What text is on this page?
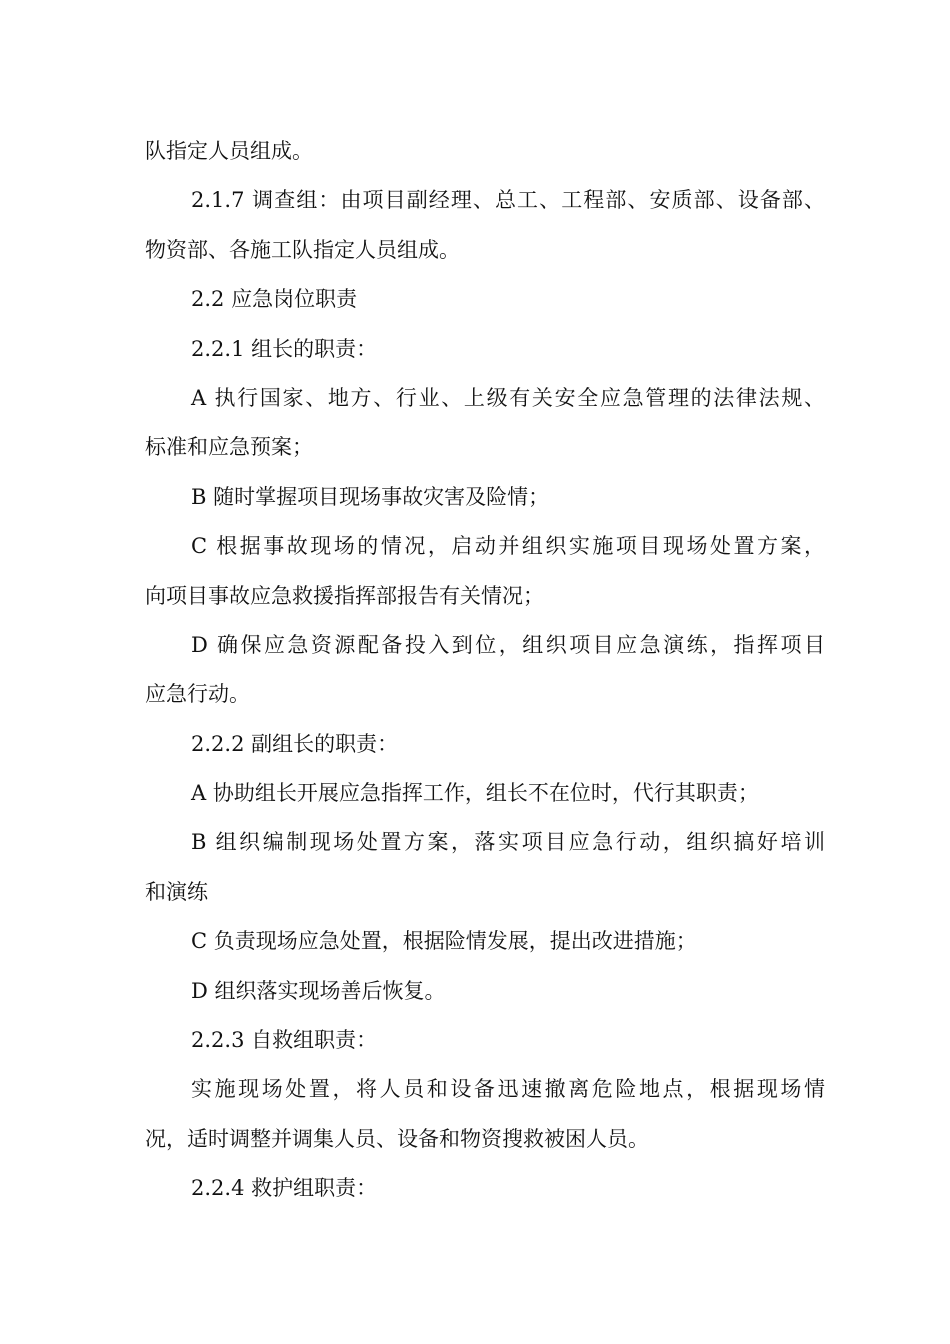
队指定人员组成。
2.1.7 调查组：由项目副经理、总工、工程部、安质部、设备部、
物资部、各施工队指定人员组成。
2.2 应急岗位职责
2.2.1 组长的职责：
A 执行国家、地方、行业、上级有关安全应急管理的法律法规、
标准和应急预案；
B 随时掌握项目现场事故灾害及险情；
C 根据事故现场的情况，启动并组织实施项目现场处置方案，
向项目事故应急救援指挥部报告有关情况；
D 确保应急资源配备投入到位，组织项目应急演练，指挥项目
应急行动。
2.2.2 副组长的职责：
A 协助组长开展应急指挥工作，组长不在位时，代行其职责；
B 组织编制现场处置方案，落实项目应急行动，组织搞好培训
和演练
C 负责现场应急处置，根据险情发展，提出改进措施；
D 组织落实现场善后恢复。
2.2.3 自救组职责：
实施现场处置，将人员和设备迅速撤离危险地点，根据现场情
况，适时调整并调集人员、设备和物资搜救被困人员。
2.2.4 救护组职责：
